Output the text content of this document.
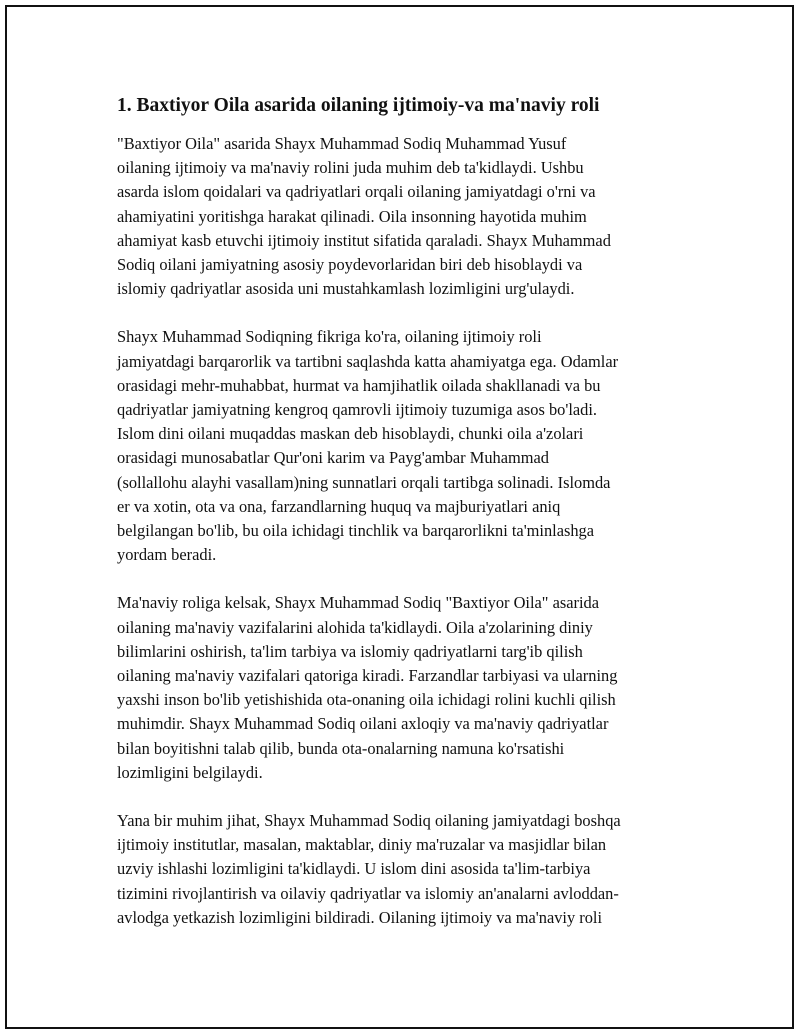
1. Baxtiyor Oila asarida oilaning ijtimoiy-va ma'naviy roli

"Baxtiyor Oila" asarida Shayx Muhammad Sodiq Muhammad Yusuf
oilaning ijtimoiy va ma'naviy rolini juda muhim deb ta'kidlaydi. Ushbu
asarda islom qoidalari va qadriyatlari orqali oilaning jamiyatdagi o'rni va
ahamiyatini yoritishga harakat qilinadi. Oila insonning hayotida muhim
ahamiyat kasb etuvchi ijtimoiy institut sifatida qaraladi. Shayx Muhammad
Sodiq oilani jamiyatning asosiy poydevorlaridan biri deb hisoblaydi va
islomiy qadriyatlar asosida uni mustahkamlash lozimligini urg'ulaydi.

Shayx Muhammad Sodiqning fikriga ko'ra, oilaning ijtimoiy roli
jamiyatdagi barqarorlik va tartibni saqlashda katta ahamiyatga ega. Odamlar
orasidagi mehr-muhabbat, hurmat va hamjihatlik oilada shakllanadi va bu
qadriyatlar jamiyatning kengroq qamrovli ijtimoiy tuzumiga asos bo'ladi.
Islom dini oilani muqaddas maskan deb hisoblaydi, chunki oila a'zolari
orasidagi munosabatlar Qur'oni karim va Payg'ambar Muhammad
(sollallohu alayhi vasallam)ning sunnatlari orqali tartibga solinadi. Islomda
er va xotin, ota va ona, farzandlarning huquq va majburiyatlari aniq
belgilangan bo'lib, bu oila ichidagi tinchlik va barqarorlikni ta'minlashga
yordam beradi.

Ma'naviy roliga kelsak, Shayx Muhammad Sodiq "Baxtiyor Oila" asarida
oilaning ma'naviy vazifalarini alohida ta'kidlaydi. Oila a'zolarining diniy
bilimlarini oshirish, ta'lim tarbiya va islomiy qadriyatlarni targ'ib qilish
oilaning ma'naviy vazifalari qatoriga kiradi. Farzandlar tarbiyasi va ularning
yaxshi inson bo'lib yetishishida ota-onaning oila ichidagi rolini kuchli qilish
muhimdir. Shayx Muhammad Sodiq oilani axloqiy va ma'naviy qadriyatlar
bilan boyitishni talab qilib, bunda ota-onalarning namuna ko'rsatishi
lozimligini belgilaydi.

Yana bir muhim jihat, Shayx Muhammad Sodiq oilaning jamiyatdagi boshqa
ijtimoiy institutlar, masalan, maktablar, diniy ma'ruzalar va masjidlar bilan
uzviy ishlashi lozimligini ta'kidlaydi. U islom dini asosida ta'lim-tarbiya
tizimini rivojlantirish va oilaviy qadriyatlar va islomiy an'analarni avloddan-
avlodga yetkazish lozimligini bildiradi. Oilaning ijtimoiy va ma'naviy roli
